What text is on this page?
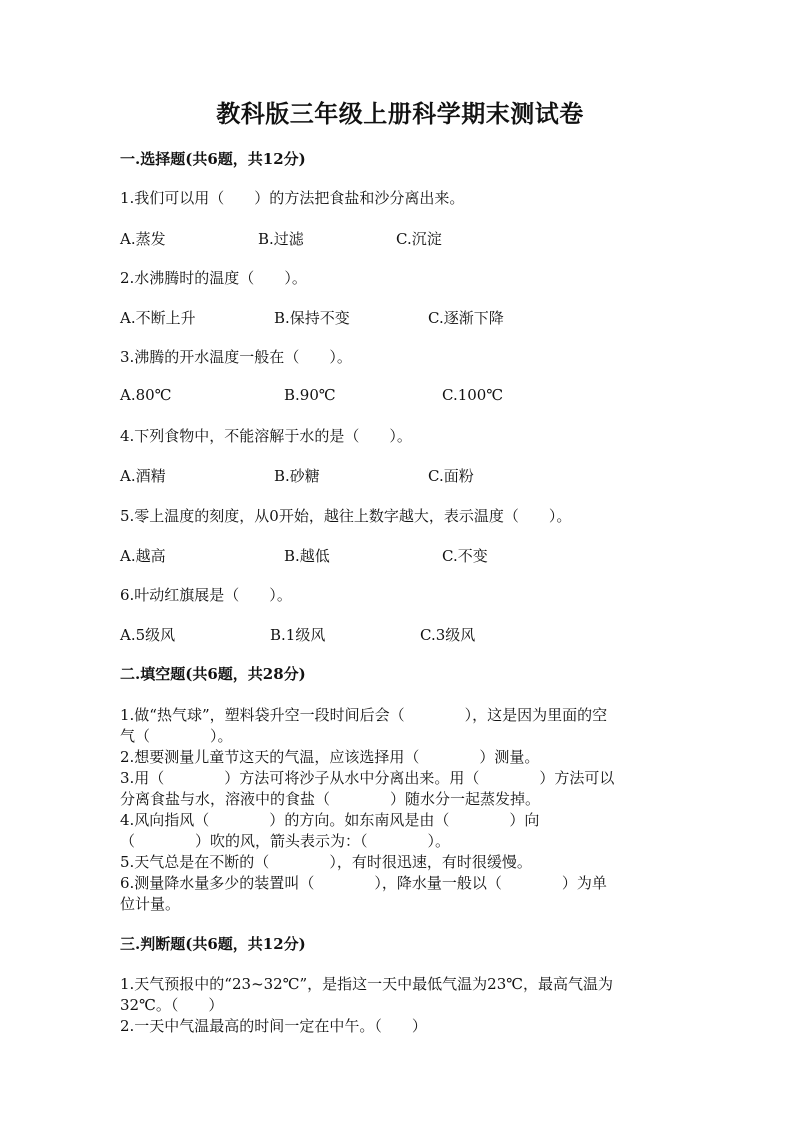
教科版三年级上册科学期末测试卷
一.选择题(共6题，共12分)
1.我们可以用（　　）的方法把食盐和沙分离出来。
A.蒸发	B.过滤	C.沉淀
2.水沸腾时的温度（　　）。
A.不断上升	B.保持不变	C.逐渐下降
3.沸腾的开水温度一般在（　　）。
A.80℃	B.90℃	C.100℃
4.下列食物中，不能溶解于水的是（　　）。
A.酒精	B.砂糖	C.面粉
5.零上温度的刻度，从0开始，越往上数字越大，表示温度（　　）。
A.越高	B.越低	C.不变
6.叶动红旗展是（　　）。
A.5级风	B.1级风	C.3级风
二.填空题(共6题，共28分)
1.做“热气球”，塑料袋升空一段时间后会（　　　　），这是因为里面的空
气（　　　　）。
2.想要测量儿童节这天的气温，应该选择用（　　　　）测量。
3.用（　　　　）方法可将沙子从水中分离出来。用（　　　　）方法可以
分离食盐与水，溶液中的食盐（　　　　）随水分一起蒸发掉。
4.风向指风（　　　　）的方向。如东南风是由（　　　　）向
（　　　　）吹的风，箭头表示为：（　　　　）。
5.天气总是在不断的（　　　　），有时很迅速，有时很缓慢。
6.测量降水量多少的装置叫（　　　　），降水量一般以（　　　　）为单
位计量。
三.判断题(共6题，共12分)
1.天气预报中的“23~32℃”，是指这一天中最低气温为23℃，最高气温为
32℃。（　　）
2.一天中气温最高的时间一定在中午。（　　）
